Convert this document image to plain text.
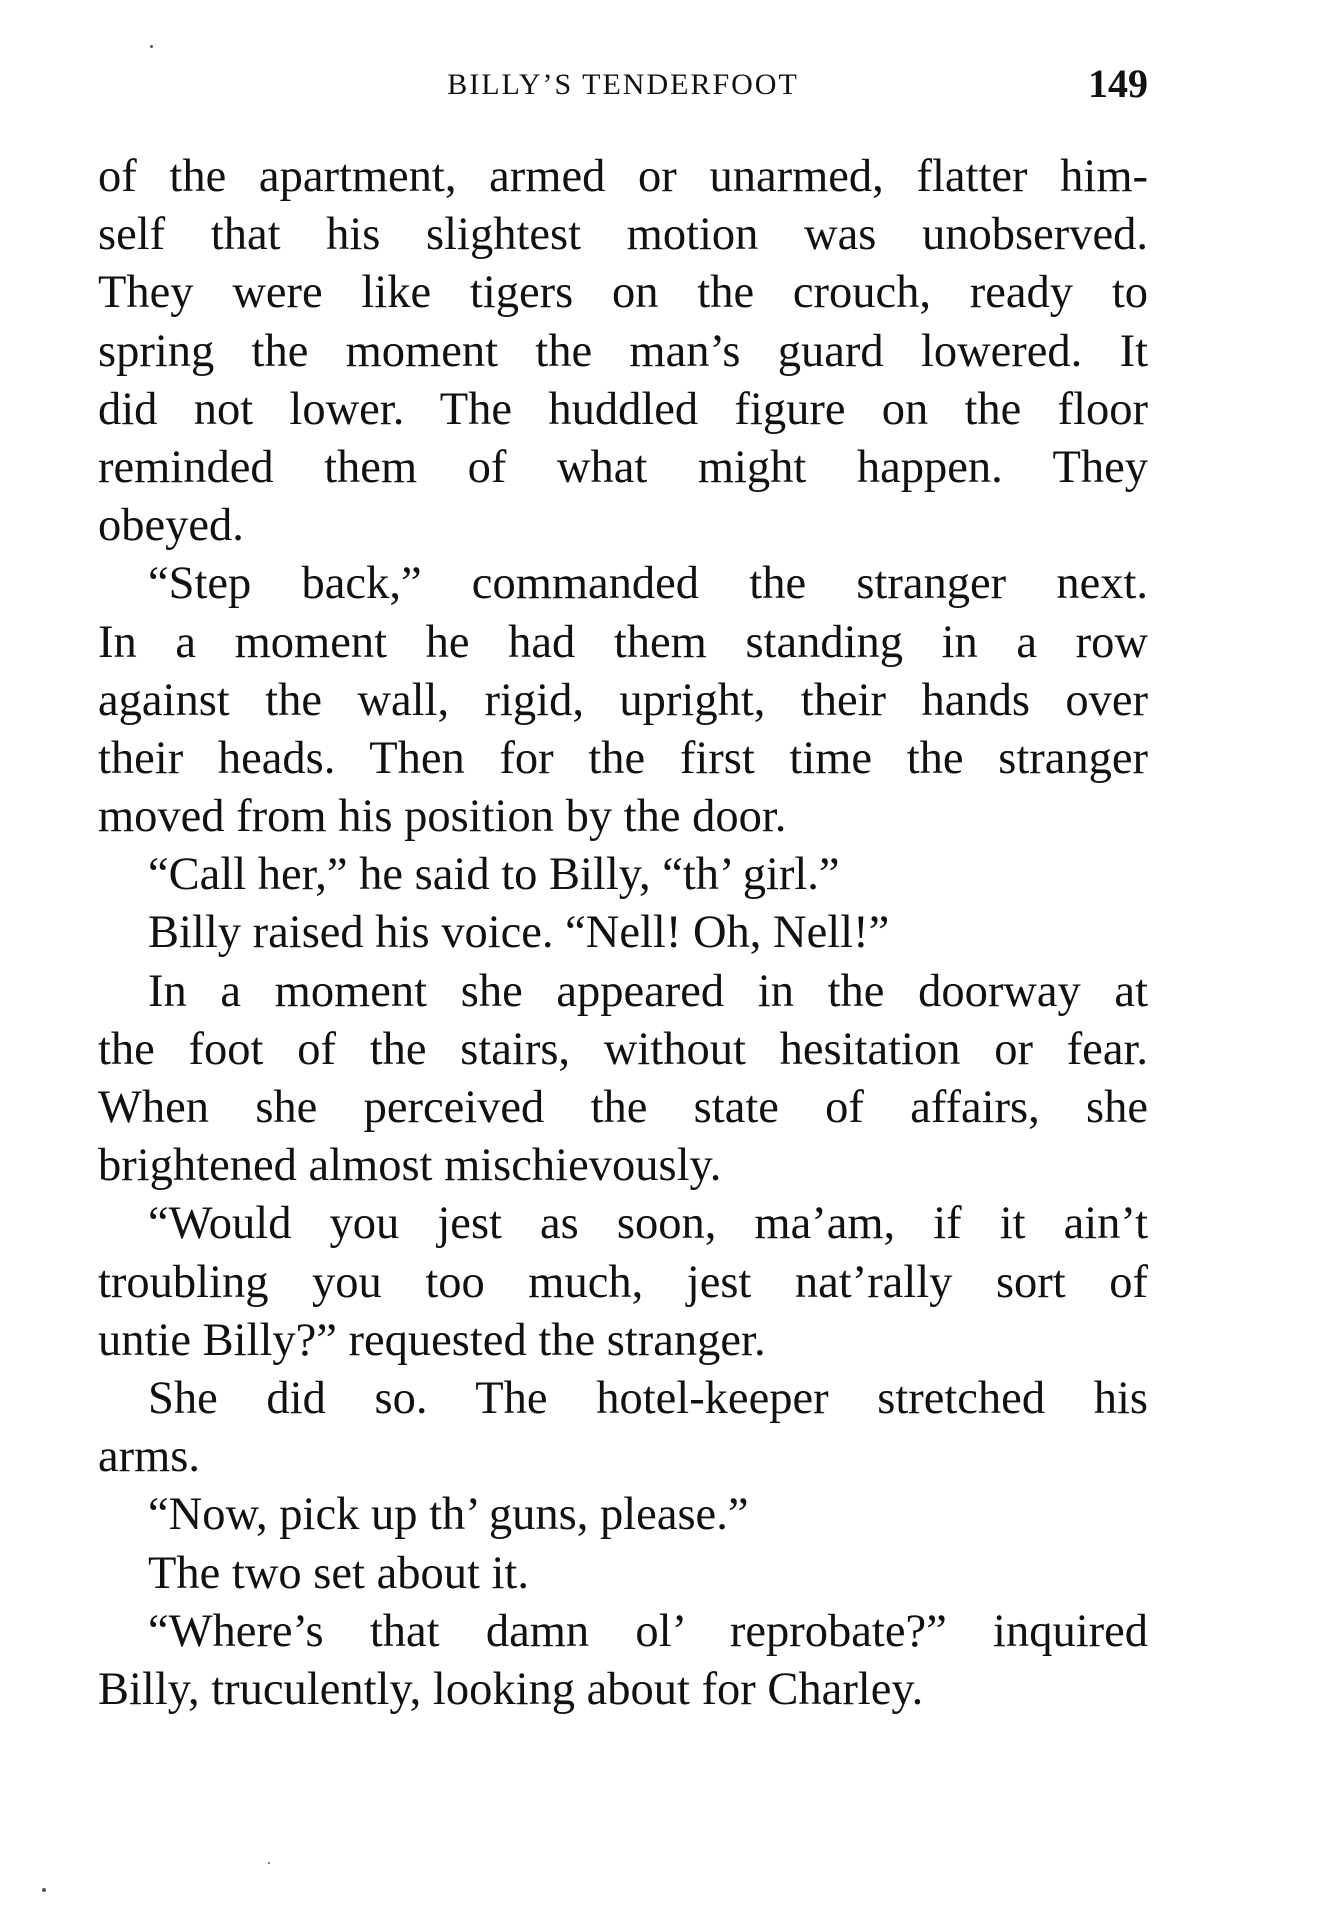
BILLY’S TENDERFOOT	149
of the apartment, armed or unarmed, flatter him-
self that his slightest motion was unobserved.
They were like tigers on the crouch, ready to
spring the moment the man’s guard lowered. It
did not lower. The huddled figure on the floor
reminded them of what might happen. They
obeyed.
“Step back,” commanded the stranger next.
In a moment he had them standing in a row
against the wall, rigid, upright, their hands over
their heads. Then for the first time the stranger
moved from his position by the door.
“Call her,” he said to Billy, “th’ girl.”
Billy raised his voice. “Nell! Oh, Nell!”
In a moment she appeared in the doorway at
the foot of the stairs, without hesitation or fear.
When she perceived the state of affairs, she
brightened almost mischievously.
“Would you jest as soon, ma’am, if it ain’t
troubling you too much, jest nat’rally sort of
untie Billy?” requested the stranger.
She did so. The hotel-keeper stretched his
arms.
“Now, pick up th’ guns, please.”
The two set about it.
“Where’s that damn ol’ reprobate?” inquired
Billy, truculently, looking about for Charley.
